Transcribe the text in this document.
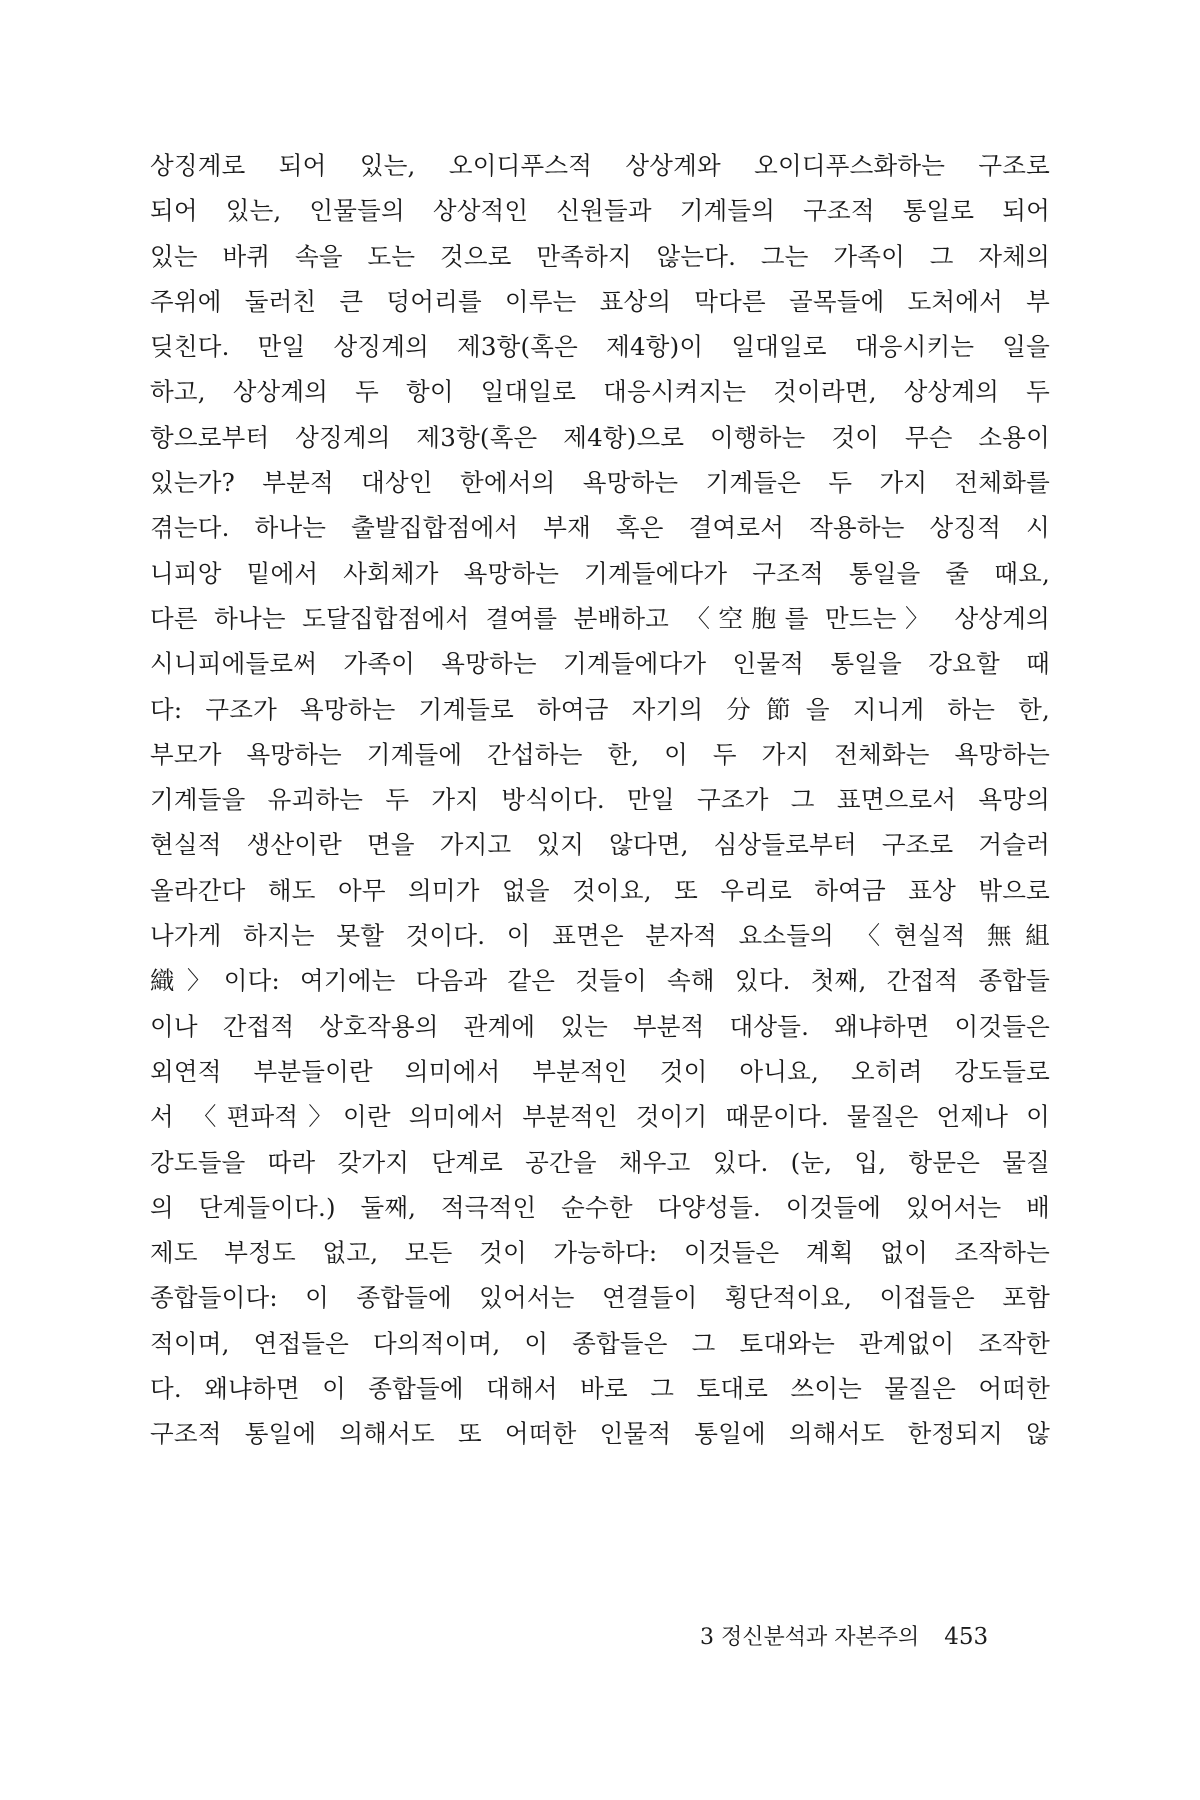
상징계로 되어 있는, 오이디푸스적 상상계와 오이디푸스화하는 구조로
되어 있는, 인물들의 상상적인 신원들과 기계들의 구조적 통일로 되어
있는 바퀴 속을 도는 것으로 만족하지 않는다. 그는 가족이 그 자체의
주위에 둘러친 큰 덩어리를 이루는 표상의 막다른 골목들에 도처에서 부
딪친다. 만일 상징계의 제3항(혹은 제4항)이 일대일로 대응시키는 일을
하고, 상상계의 두 항이 일대일로 대응시켜지는 것이라면, 상상계의 두
항으로부터 상징계의 제3항(혹은 제4항)으로 이행하는 것이 무슨 소용이
있는가? 부분적 대상인 한에서의 욕망하는 기계들은 두 가지 전체화를
겪는다. 하나는 출발집합점에서 부재 혹은 결여로서 작용하는 상징적 시
니피앙 밑에서 사회체가 욕망하는 기계들에다가 구조적 통일을 줄 때요,
다른 하나는 도달집합점에서 결여를 분배하고 〈空胞를 만드는〉 상상계의
시니피에들로써 가족이 욕망하는 기계들에다가 인물적 통일을 강요할 때
다: 구조가 욕망하는 기계들로 하여금 자기의 分節을 지니게 하는 한,
부모가 욕망하는 기계들에 간섭하는 한, 이 두 가지 전체화는 욕망하는
기계들을 유괴하는 두 가지 방식이다. 만일 구조가 그 표면으로서 욕망의
현실적 생산이란 면을 가지고 있지 않다면, 심상들로부터 구조로 거슬러
올라간다 해도 아무 의미가 없을 것이요, 또 우리로 하여금 표상 밖으로
나가게 하지는 못할 것이다. 이 표면은 분자적 요소들의 〈현실적 無組
織〉이다: 여기에는 다음과 같은 것들이 속해 있다. 첫째, 간접적 종합들
이나 간접적 상호작용의 관계에 있는 부분적 대상들. 왜냐하면 이것들은
외연적 부분들이란 의미에서 부분적인 것이 아니요, 오히려 강도들로
서 〈편파적〉이란 의미에서 부분적인 것이기 때문이다. 물질은 언제나 이
강도들을 따라 갖가지 단계로 공간을 채우고 있다. (눈, 입, 항문은 물질
의 단계들이다.) 둘째, 적극적인 순수한 다양성들. 이것들에 있어서는 배
제도 부정도 없고, 모든 것이 가능하다: 이것들은 계획 없이 조작하는
종합들이다: 이 종합들에 있어서는 연결들이 횡단적이요, 이접들은 포함
적이며, 연접들은 다의적이며, 이 종합들은 그 토대와는 관계없이 조작한
다. 왜냐하면 이 종합들에 대해서 바로 그 토대로 쓰이는 물질은 어떠한
구조적 통일에 의해서도 또 어떠한 인물적 통일에 의해서도 한정되지 않
3 정신분석과 자본주의 453
